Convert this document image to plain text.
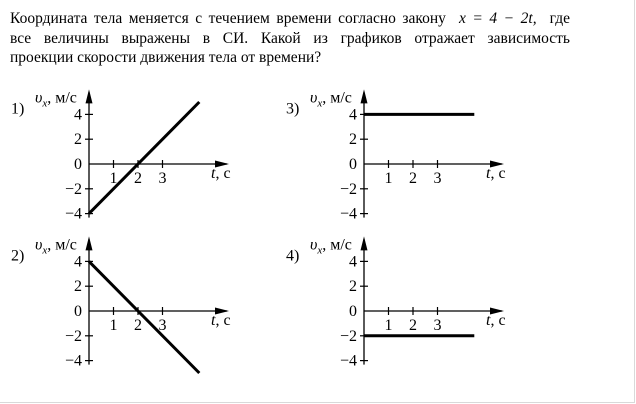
Координата тела меняется с течением времени согласно закону x = 4 − 2t, где
все величины выражены в СИ. Какой из графиков отражает зависимость
проекции скорости движения тела от времени?
1)
$\upsilon_x$, м/с
t, с
4
2
0
−2
−4
1 2 3
2)
$\upsilon_x$, м/с
t, с
4
2
0
−2
−4
1 2 3
3)
$\upsilon_x$, м/с
t, с
4
2
0
−2
−4
1 2 3
4)
$\upsilon_x$, м/с
t, с
4
2
0
−2
−4
1 2 3
